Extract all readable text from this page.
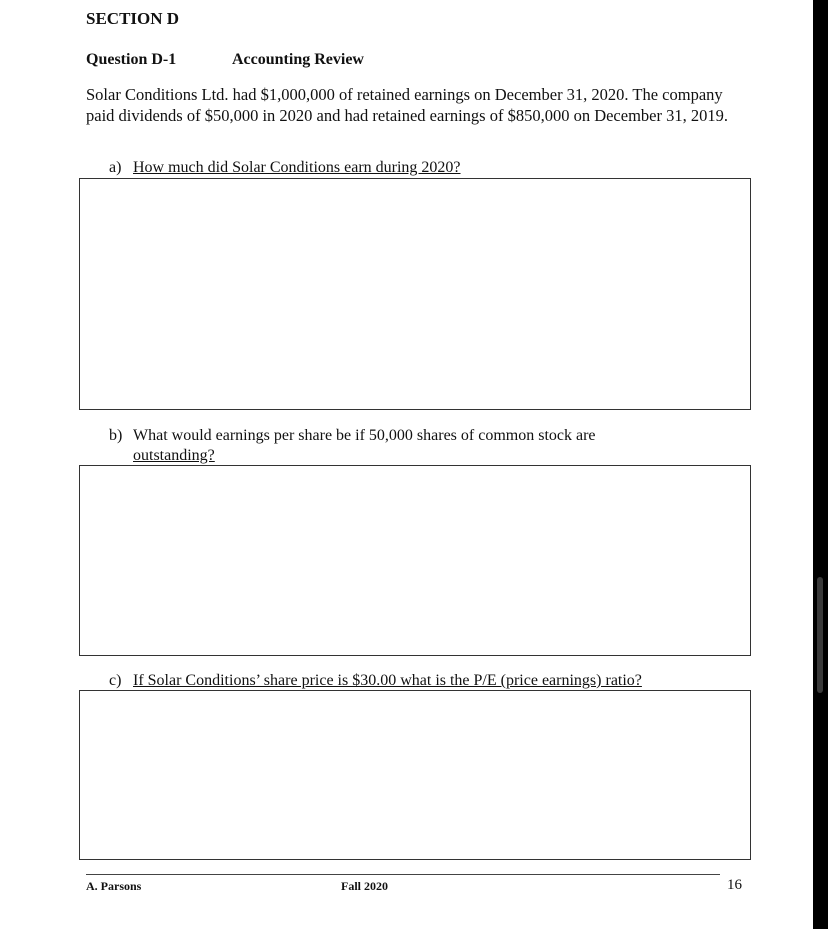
SECTION D
Question D-1	Accounting Review
Solar Conditions Ltd. had $1,000,000 of retained earnings on December 31, 2020. The company paid dividends of $50,000 in 2020 and had retained earnings of $850,000 on December 31, 2019.
a) How much did Solar Conditions earn during 2020?
b) What would earnings per share be if 50,000 shares of common stock are
outstanding?
c) If Solar Conditions’ share price is $30.00 what is the P/E (price earnings) ratio?
A. Parsons	Fall 2020	16
